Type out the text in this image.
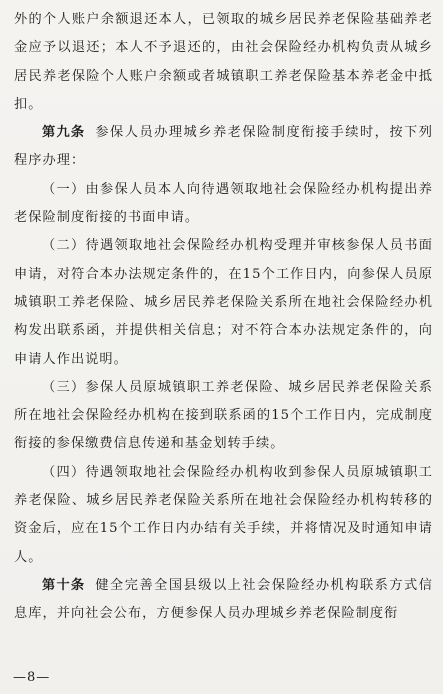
外的个人账户余额退还本人，已领取的城乡居民养老保险基础养老金应予以退还；本人不予退还的，由社会保险经办机构负责从城乡居民养老保险个人账户余额或者城镇职工养老保险基本养老金中抵扣。

第九条 参保人员办理城乡养老保险制度衔接手续时，按下列程序办理：

（一）由参保人员本人向待遇领取地社会保险经办机构提出养老保险制度衔接的书面申请。

（二）待遇领取地社会保险经办机构受理并审核参保人员书面申请，对符合本办法规定条件的，在15个工作日内，向参保人员原城镇职工养老保险、城乡居民养老保险关系所在地社会保险经办机构发出联系函，并提供相关信息；对不符合本办法规定条件的，向申请人作出说明。

（三）参保人员原城镇职工养老保险、城乡居民养老保险关系所在地社会保险经办机构在接到联系函的15个工作日内，完成制度衔接的参保缴费信息传递和基金划转手续。

（四）待遇领取地社会保险经办机构收到参保人员原城镇职工养老保险、城乡居民养老保险关系所在地社会保险经办机构转移的资金后，应在15个工作日内办结有关手续，并将情况及时通知申请人。

第十条 健全完善全国县级以上社会保险经办机构联系方式信息库，并向社会公布，方便参保人员办理城乡养老保险制度衔

—8—
